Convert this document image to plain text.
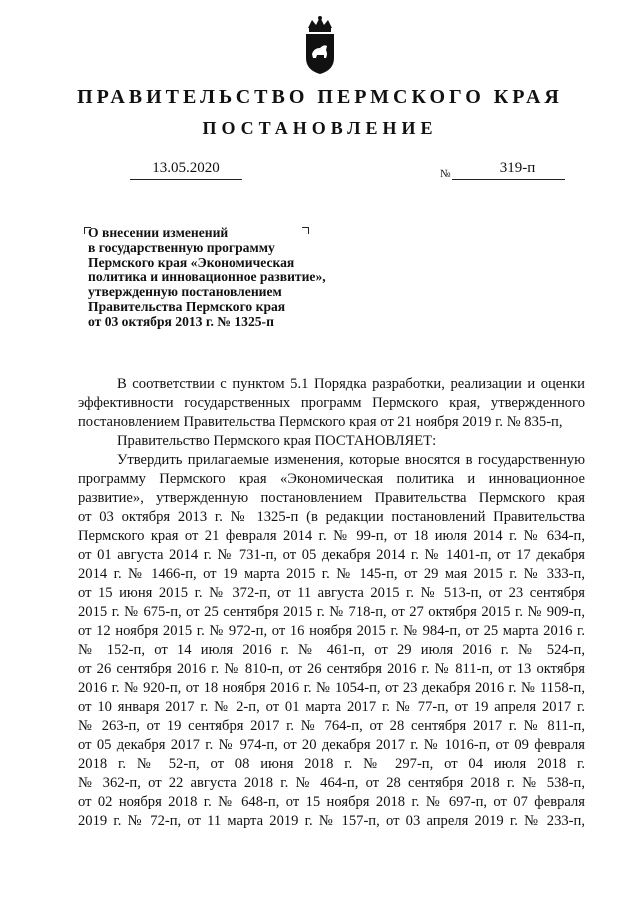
ПРАВИТЕЛЬСТВО ПЕРМСКОГО КРАЯ
ПОСТАНОВЛЕНИЕ
13.05.2020	№	319-п
О внесении изменений
в государственную программу
Пермского края «Экономическая
политика и инновационное развитие»,
утвержденную постановлением
Правительства Пермского края
от 03 октября 2013 г. № 1325-п
В соответствии с пунктом 5.1 Порядка разработки, реализации и оценки
эффективности государственных программ Пермского края, утвержденного
постановлением Правительства Пермского края от 21 ноября 2019 г. № 835-п,
Правительство Пермского края ПОСТАНОВЛЯЕТ:
Утвердить прилагаемые изменения, которые вносятся в государственную
программу Пермского края «Экономическая политика и инновационное
развитие», утвержденную постановлением Правительства Пермского края
от 03 октября 2013 г. № 1325-п (в редакции постановлений Правительства
Пермского края от 21 февраля 2014 г. № 99-п, от 18 июля 2014 г. № 634-п,
от 01 августа 2014 г. № 731-п, от 05 декабря 2014 г. № 1401-п, от 17 декабря
2014 г. № 1466-п, от 19 марта 2015 г. № 145-п, от 29 мая 2015 г. № 333-п,
от 15 июня 2015 г. № 372-п, от 11 августа 2015 г. № 513-п, от 23 сентября
2015 г. № 675-п, от 25 сентября 2015 г. № 718-п, от 27 октября 2015 г. № 909-п,
от 12 ноября 2015 г. № 972-п, от 16 ноября 2015 г. № 984-п, от 25 марта 2016 г.
№ 152-п, от 14 июля 2016 г. № 461-п, от 29 июля 2016 г. № 524-п,
от 26 сентября 2016 г. № 810-п, от 26 сентября 2016 г. № 811-п, от 13 октября
2016 г. № 920-п, от 18 ноября 2016 г. № 1054-п, от 23 декабря 2016 г. № 1158-п,
от 10 января 2017 г. № 2-п, от 01 марта 2017 г. № 77-п, от 19 апреля 2017 г.
№ 263-п, от 19 сентября 2017 г. № 764-п, от 28 сентября 2017 г. № 811-п,
от 05 декабря 2017 г. № 974-п, от 20 декабря 2017 г. № 1016-п, от 09 февраля
2018 г. № 52-п, от 08 июня 2018 г. № 297-п, от 04 июля 2018 г.
№ 362-п, от 22 августа 2018 г. № 464-п, от 28 сентября 2018 г. № 538-п,
от 02 ноября 2018 г. № 648-п, от 15 ноября 2018 г. № 697-п, от 07 февраля
2019 г. № 72-п, от 11 марта 2019 г. № 157-п, от 03 апреля 2019 г. № 233-п,
